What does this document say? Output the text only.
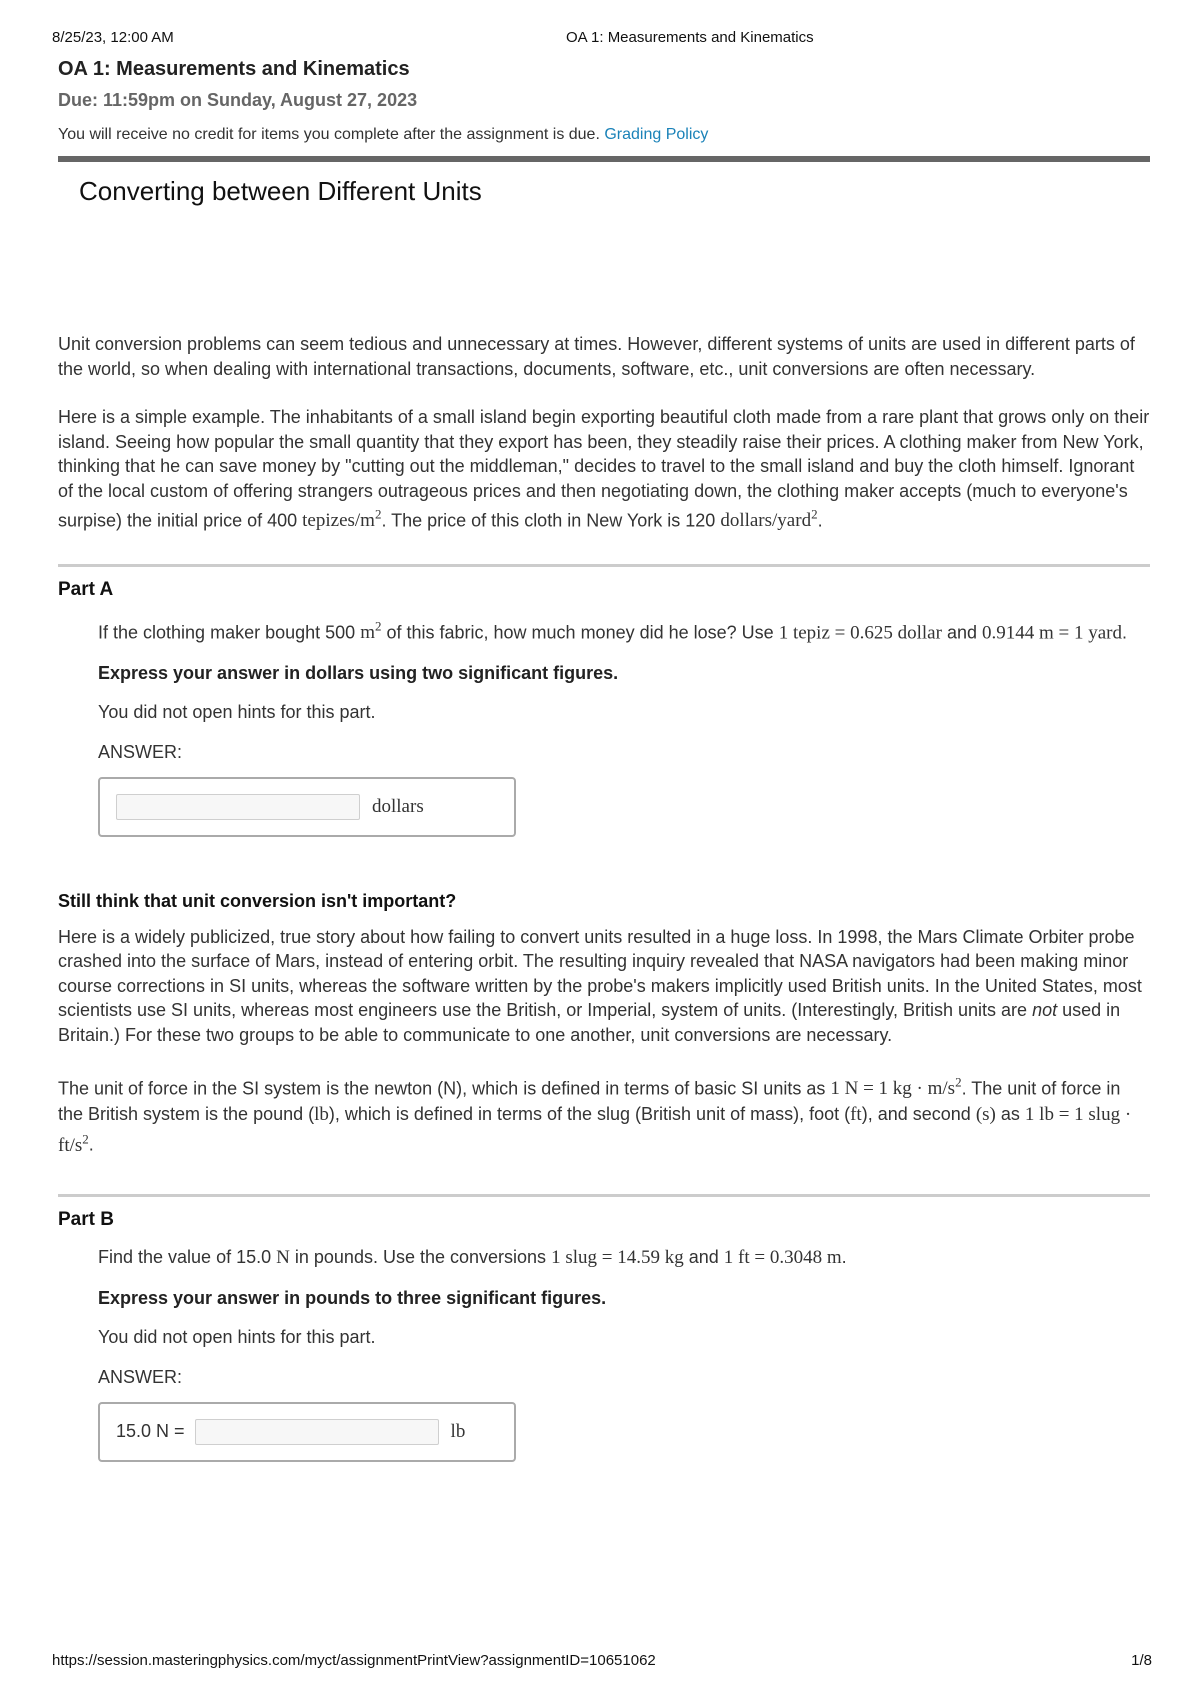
8/25/23, 12:00 AM	OA 1: Measurements and Kinematics
OA 1: Measurements and Kinematics
Due: 11:59pm on Sunday, August 27, 2023
You will receive no credit for items you complete after the assignment is due. Grading Policy
Converting between Different Units
Unit conversion problems can seem tedious and unnecessary at times. However, different systems of units are used in different parts of the world, so when dealing with international transactions, documents, software, etc., unit conversions are often necessary.
Here is a simple example. The inhabitants of a small island begin exporting beautiful cloth made from a rare plant that grows only on their island. Seeing how popular the small quantity that they export has been, they steadily raise their prices. A clothing maker from New York, thinking that he can save money by "cutting out the middleman," decides to travel to the small island and buy the cloth himself. Ignorant of the local custom of offering strangers outrageous prices and then negotiating down, the clothing maker accepts (much to everyone's surpise) the initial price of 400 tepizes/$m^2$. The price of this cloth in New York is 120 dollars/yard$^2$.
Part A
If the clothing maker bought 500 $m^2$ of this fabric, how much money did he lose? Use 1 tepiz = 0.625 dollar and 0.9144 m = 1 yard.
Express your answer in dollars using two significant figures.
You did not open hints for this part.
ANSWER:
dollars
Still think that unit conversion isn't important?
Here is a widely publicized, true story about how failing to convert units resulted in a huge loss. In 1998, the Mars Climate Orbiter probe crashed into the surface of Mars, instead of entering orbit. The resulting inquiry revealed that NASA navigators had been making minor course corrections in SI units, whereas the software written by the probe's makers implicitly used British units. In the United States, most scientists use SI units, whereas most engineers use the British, or Imperial, system of units. (Interestingly, British units are not used in Britain.) For these two groups to be able to communicate to one another, unit conversions are necessary.
The unit of force in the SI system is the newton (N), which is defined in terms of basic SI units as 1 N = 1 kg · $m/s^2$. The unit of force in the British system is the pound (lb), which is defined in terms of the slug (British unit of mass), foot (ft), and second (s) as 1 lb = 1 slug · $ft/s^2$.
Part B
Find the value of 15.0 N in pounds. Use the conversions 1 slug = 14.59 kg and 1 ft = 0.3048 m.
Express your answer in pounds to three significant figures.
You did not open hints for this part.
ANSWER:
15.0 N =	lb
https://session.masteringphysics.com/myct/assignmentPrintView?assignmentID=10651062	1/8
